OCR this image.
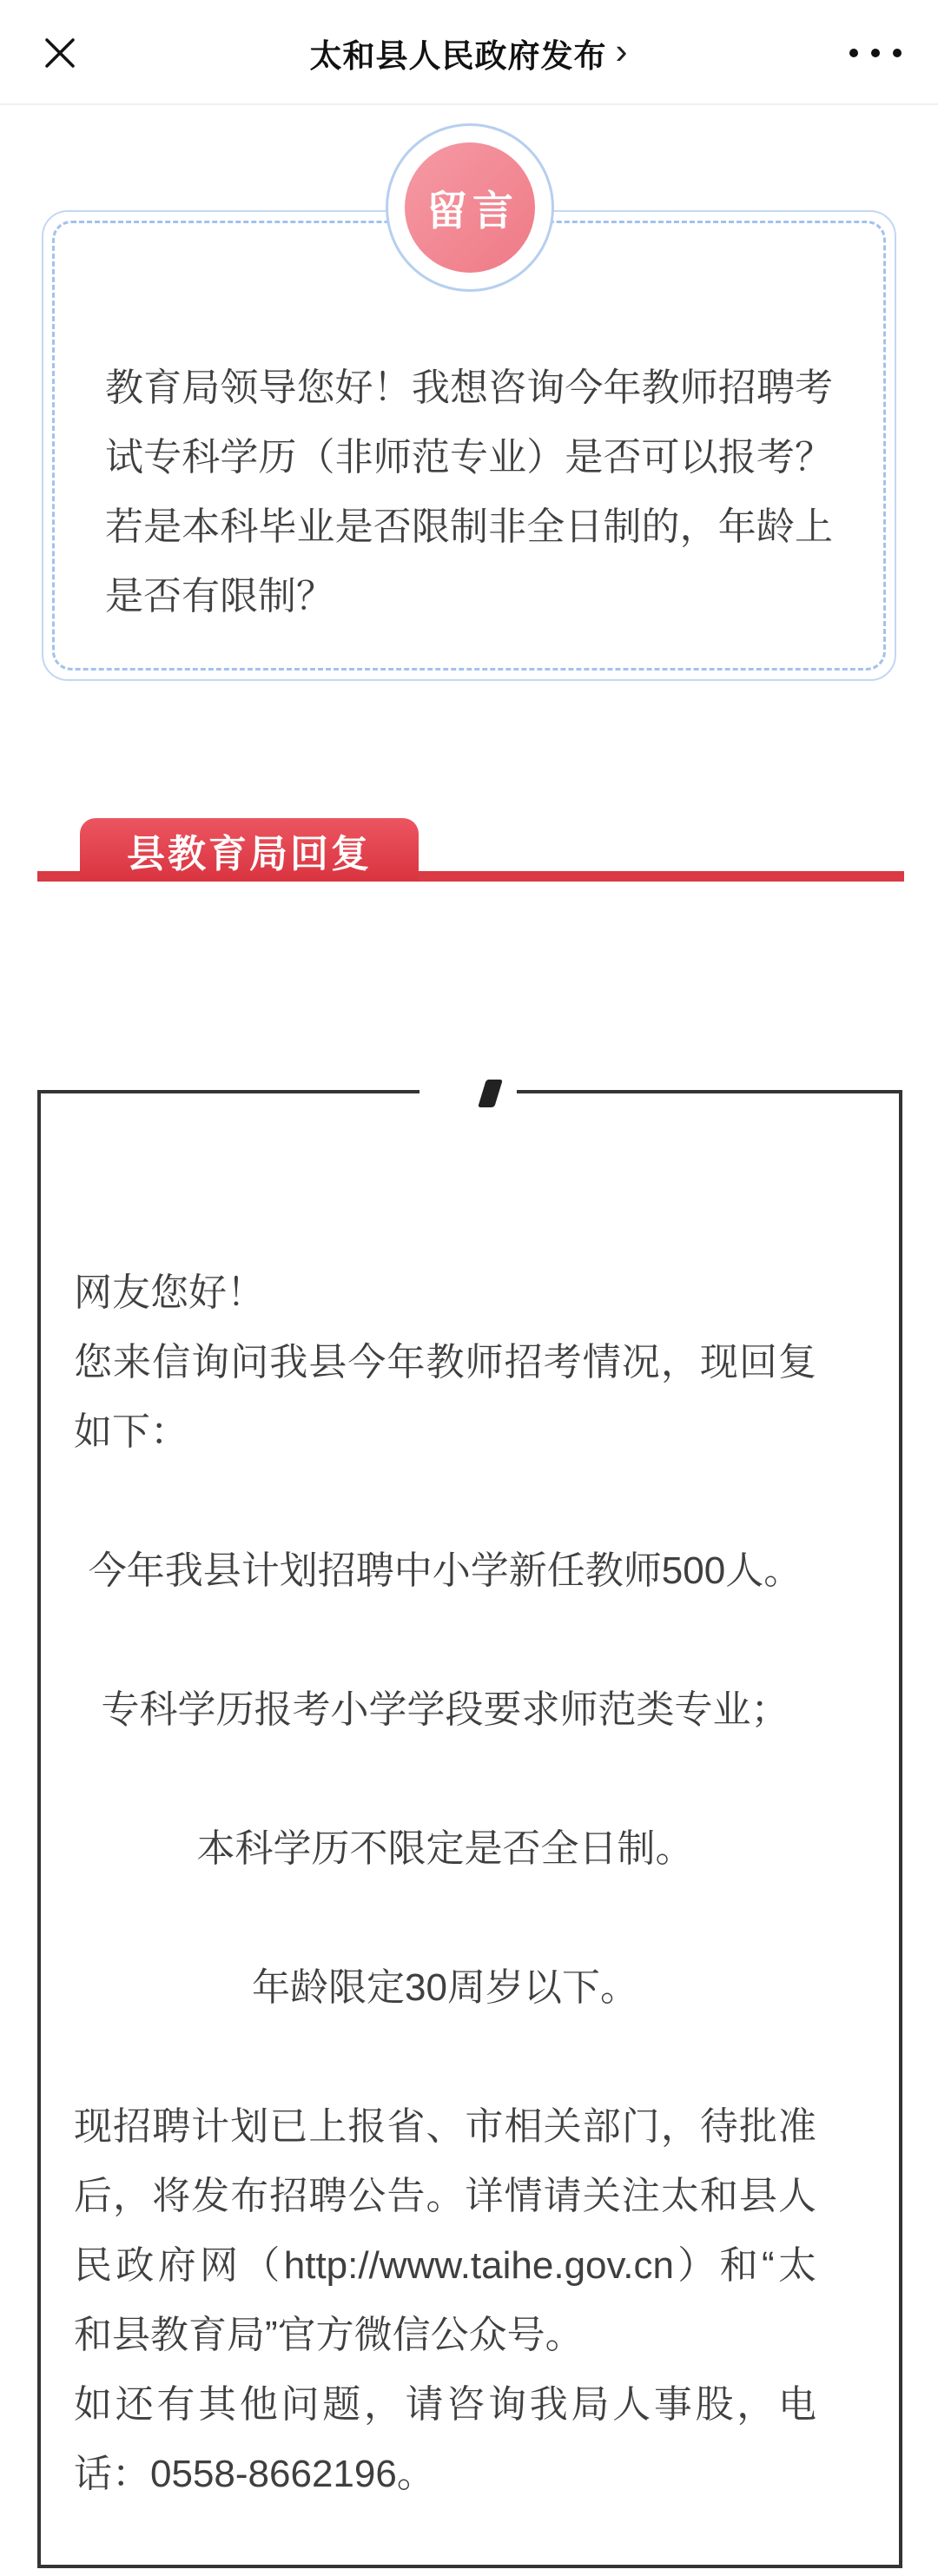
太和县人民政府发布 ›
留言
教育局领导您好！我想咨询今年教师招聘考试专科学历（非师范专业）是否可以报考？若是本科毕业是否限制非全日制的，年龄上是否有限制？
县教育局回复

网友您好！

您来信询问我县今年教师招考情况，现回复如下：

今年我县计划招聘中小学新任教师500人。

专科学历报考小学学段要求师范类专业；

本科学历不限定是否全日制。

年龄限定30周岁以下。

现招聘计划已上报省、市相关部门，待批准后，将发布招聘公告。详情请关注太和县人民政府网（http://www.taihe.gov.cn）和“太和县教育局”官方微信公众号。

如还有其他问题，请咨询我局人事股，电话：0558-8662196。
